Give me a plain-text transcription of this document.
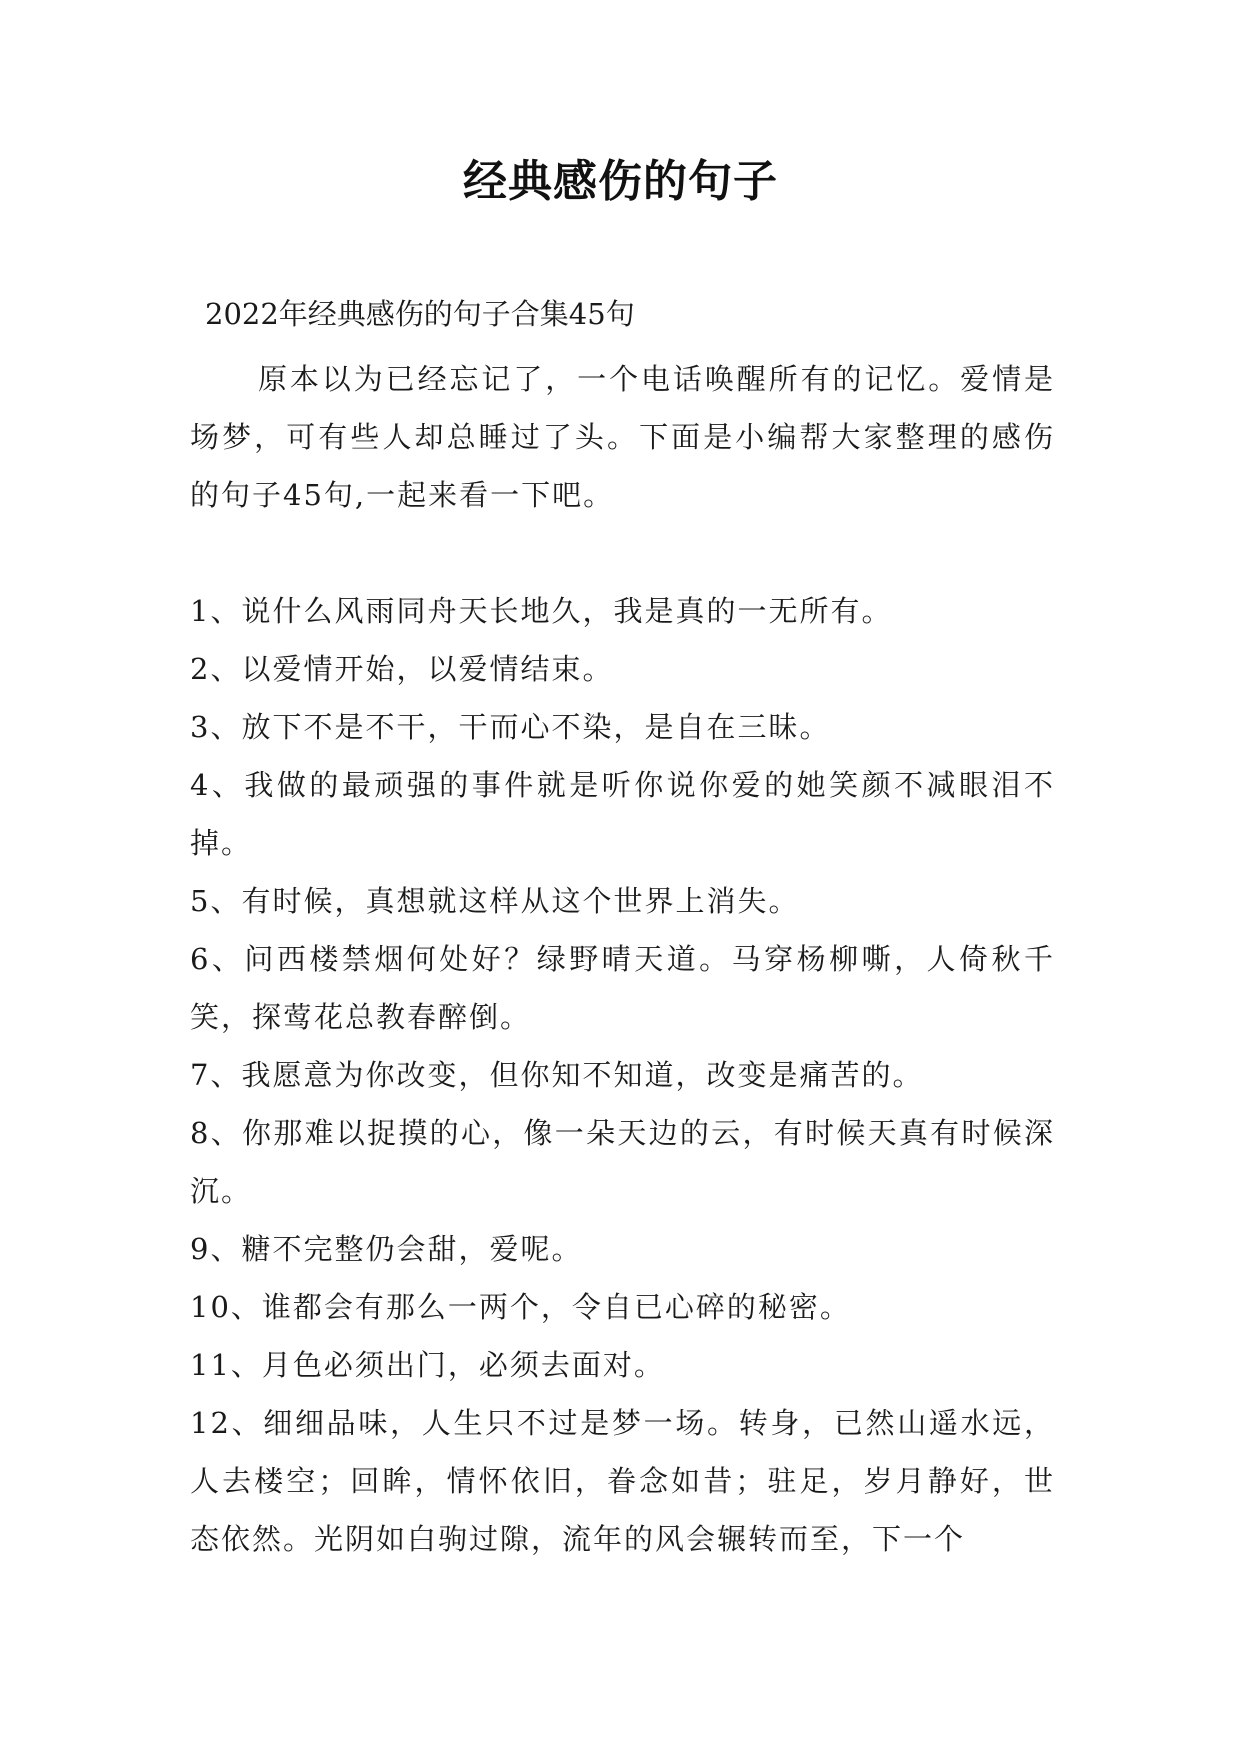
经典感伤的句子
2022年经典感伤的句子合集45句

原本以为已经忘记了，一个电话唤醒所有的记忆。爱情是场梦，可有些人却总睡过了头。下面是小编帮大家整理的感伤的句子45句,一起来看一下吧。

1、说什么风雨同舟天长地久，我是真的一无所有。
2、以爱情开始，以爱情结束。
3、放下不是不干，干而心不染，是自在三昧。
4、我做的最顽强的事件就是听你说你爱的她笑颜不减眼泪不掉。
5、有时候，真想就这样从这个世界上消失。
6、问西楼禁烟何处好？绿野晴天道。马穿杨柳嘶，人倚秋千笑，探莺花总教春醉倒。
7、我愿意为你改变，但你知不知道，改变是痛苦的。
8、你那难以捉摸的心，像一朵天边的云，有时候天真有时候深沉。
9、糖不完整仍会甜，爱呢。
10、谁都会有那么一两个，令自已心碎的秘密。
11、月色必须出门，必须去面对。
12、细细品味，人生只不过是梦一场。转身，已然山遥水远，人去楼空；回眸，情怀依旧，眷念如昔；驻足，岁月静好，世态依然。光阴如白驹过隙，流年的风会辗转而至，下一个
